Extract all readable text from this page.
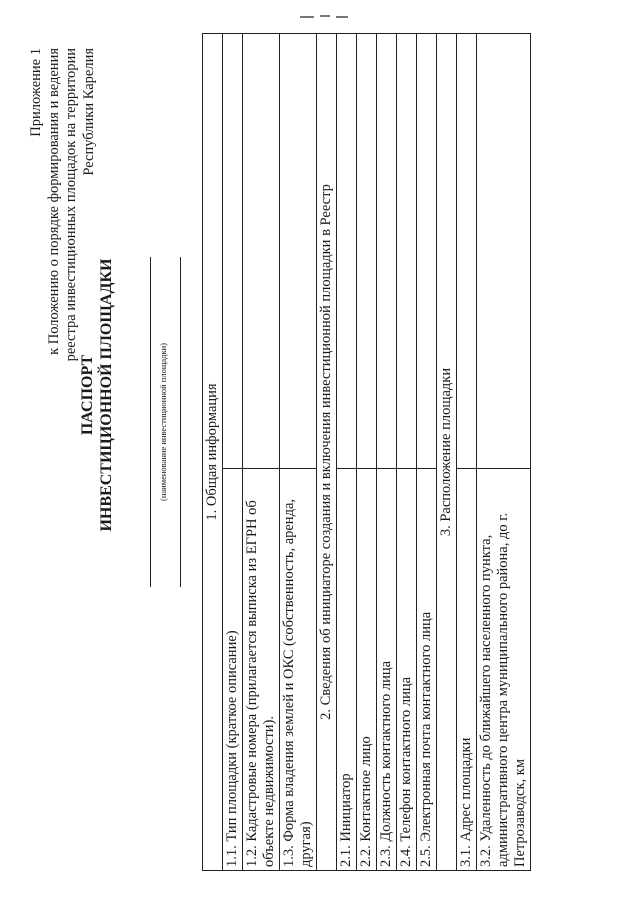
Приложение 1 к Положению о порядке формирования и ведения реестра инвестиционных площадок на территории Республики Карелия
ПАСПОРТ ИНВЕСТИЦИОННОЙ ПЛОЩАДКИ	(наименование инвестиционной площадки) 1. Общая информация	
1.1. Тип площадки (краткое описание)	
1.2. Кадастровые номера (прилагается выписка из ЕГРН об объекте недвижимости).	
1.3. Форма владения землей и ОКС (собственность, аренда, другая)	
2. Сведения об инициаторе создания и включения инвестиционной площадки в Реестр	
2.1. Инициатор	
2.2. Контактное лицо	
2.3. Должность контактного лица	
2.4. Телефон контактного лица	
2.5. Электронная почта контактного лица	
3. Расположение площадки	
3.1. Адрес площадки	
3.2. Удаленность до ближайшего населенного пункта, административного центра муниципального района, до г. Петрозаводск, км	
